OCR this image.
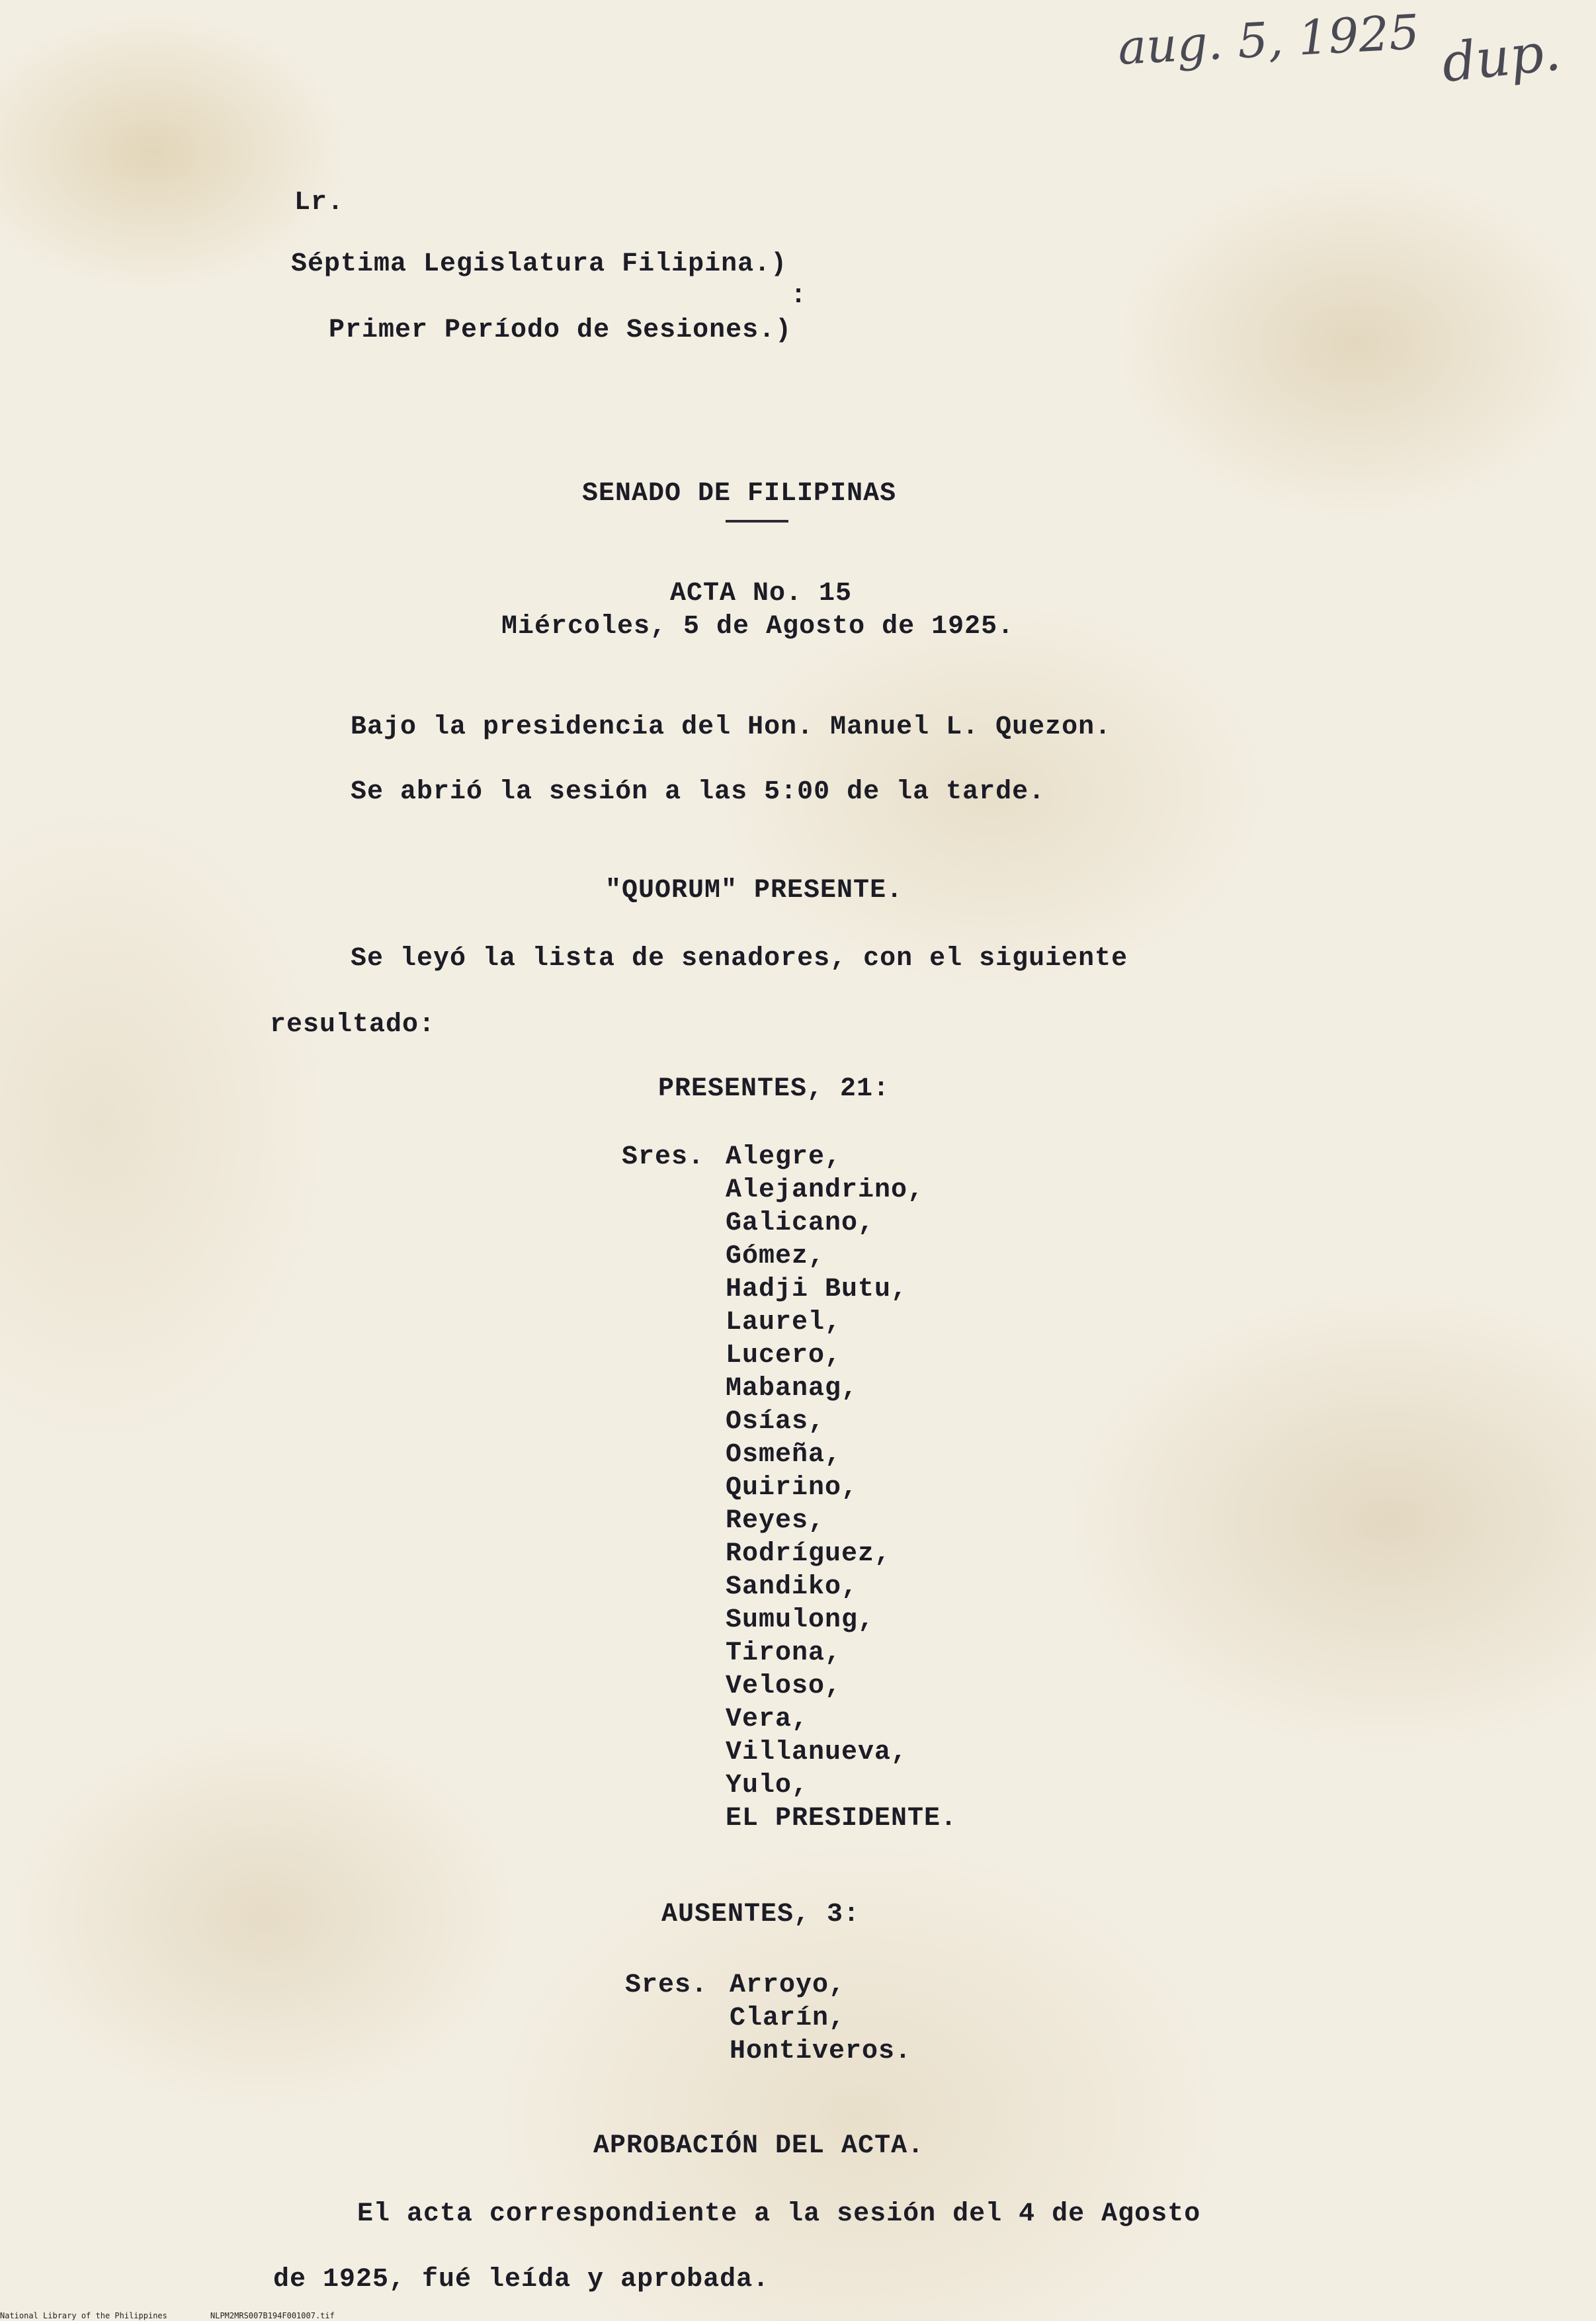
aug. 5, 1925 dup.

Lr.

Séptima Legislatura Filipina.)

:

Primer Período de Sesiones.)

SENADO DE FILIPINAS

ACTA No. 15

Miércoles, 5 de Agosto de 1925.

Bajo la presidencia del Hon. Manuel L. Quezon.

Se abrió la sesión a las 5:00 de la tarde.

"QUORUM" PRESENTE.

Se leyó la lista de senadores, con el siguiente

resultado:

PRESENTES, 21:

Sres. Alegre,

Alejandrino,

Galicano,

Gómez,

Hadji Butu,

Laurel,

Lucero,

Mabanag,

Osías,

Osmeña,

Quirino,

Reyes,

Rodríguez,

Sandiko,

Sumulong,

Tirona,

Veloso,

Vera,

Villanueva,

Yulo,

EL PRESIDENTE.

AUSENTES, 3:

Sres. Arroyo,

Clarín,

Hontiveros.

APROBACIÓN DEL ACTA.

El acta correspondiente a la sesión del 4 de Agosto

de 1925, fué leída y aprobada.

National Library of the Philippines	NLPM2MRS007B194F001007.tif
